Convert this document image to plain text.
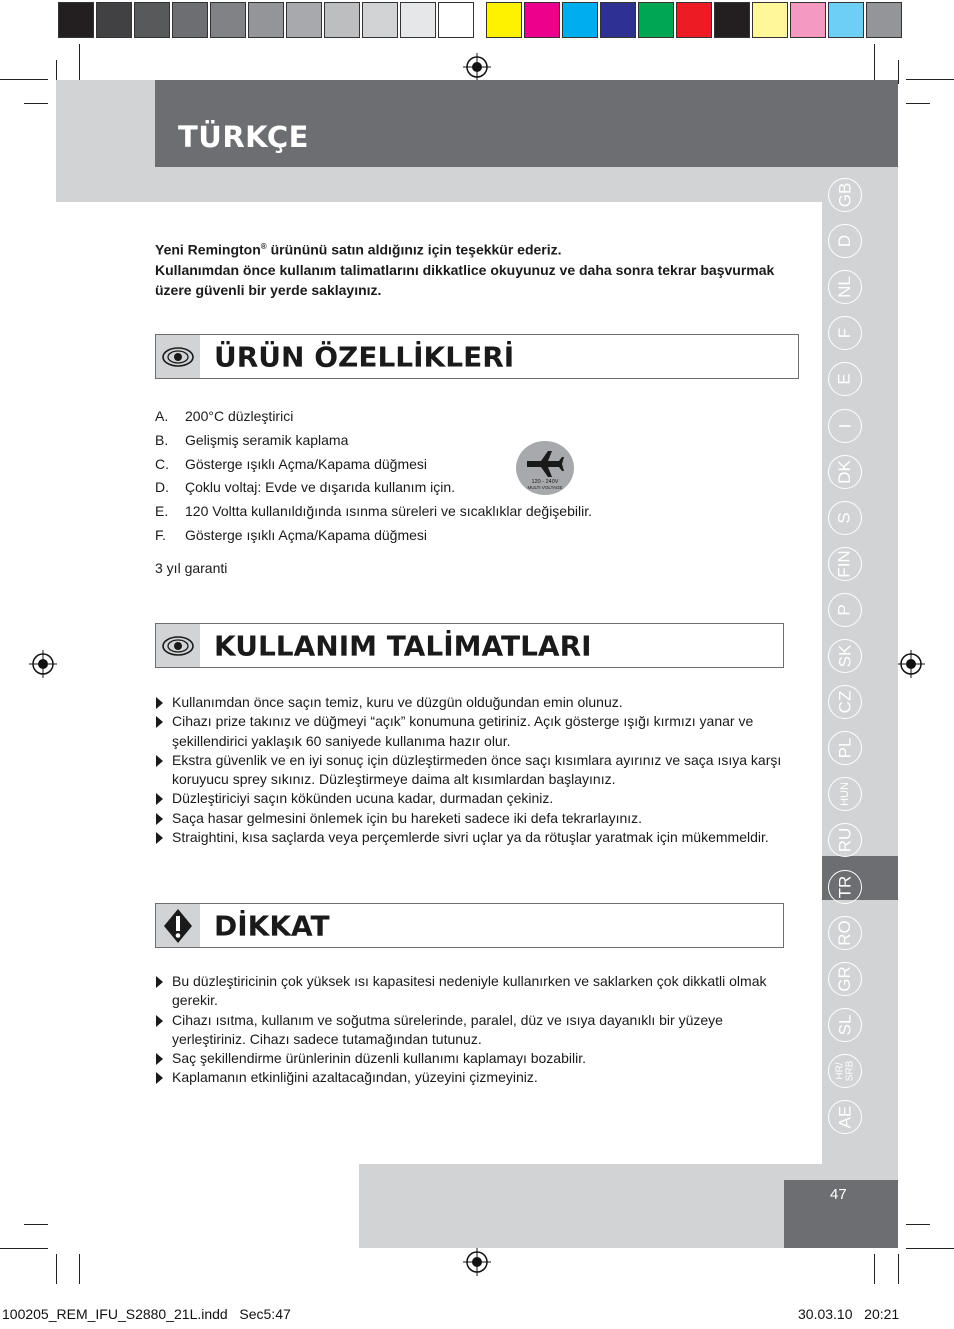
TÜRKÇE
47
GB
D
NL
F
E
I
DK
S
FIN
P
SK
CZ
PL
HUN
RU
TR
RO
GR
SL
HR/
SRB
AE
Yeni Remington® ürününü satın aldığınız için teşekkür ederiz.
Kullanımdan önce kullanım talimatlarını dikkatlice okuyunuz ve daha sonra tekrar başvurmak üzere güvenli bir yerde saklayınız.
ÜRÜN ÖZELLİKLERİ
A. 200°C düzleştirici
B. Gelişmiş seramik kaplama
C. Gösterge ışıklı Açma/Kapama düğmesi
D. Çoklu voltaj: Evde ve dışarıda kullanım için.
E. 120 Voltta kullanıldığında ısınma süreleri ve sıcaklıklar değişebilir.
F. Gösterge ışıklı Açma/Kapama düğmesi
120 - 240V
MULTI VOLTAGE
3 yıl garanti
KULLANIM TALİMATLARI
Kullanımdan önce saçın temiz, kuru ve düzgün olduğundan emin olunuz.
Cihazı prize takınız ve düğmeyi “açık” konumuna getiriniz. Açık gösterge ışığı kırmızı yanar ve şekillendirici yaklaşık 60 saniyede kullanıma hazır olur.
Ekstra güvenlik ve en iyi sonuç için düzleştirmeden önce saçı kısımlara ayırınız ve saça ısıya karşı koruyucu sprey sıkınız. Düzleştirmeye daima alt kısımlardan başlayınız.
Düzleştiriciyi saçın kökünden ucuna kadar, durmadan çekiniz.
Saça hasar gelmesini önlemek için bu hareketi sadece iki defa tekrarlayınız.
Straightini, kısa saçlarda veya perçemlerde sivri uçlar ya da rötuşlar yaratmak için mükemmeldir.
DİKKAT
Bu düzleştiricinin çok yüksek ısı kapasitesi nedeniyle kullanırken ve saklarken çok dikkatli olmak gerekir.
Cihazı ısıtma, kullanım ve soğutma sürelerinde, paralel, düz ve ısıya dayanıklı bir yüzeye yerleştiriniz. Cihazı sadece tutamağından tutunuz.
Saç şekillendirme ürünlerinin düzenli kullanımı kaplamayı bozabilir.
Kaplamanın etkinliğini azaltacağından, yüzeyini çizmeyiniz.
100205_REM_IFU_S2880_21L.indd   Sec5:47	30.03.10   20:21
